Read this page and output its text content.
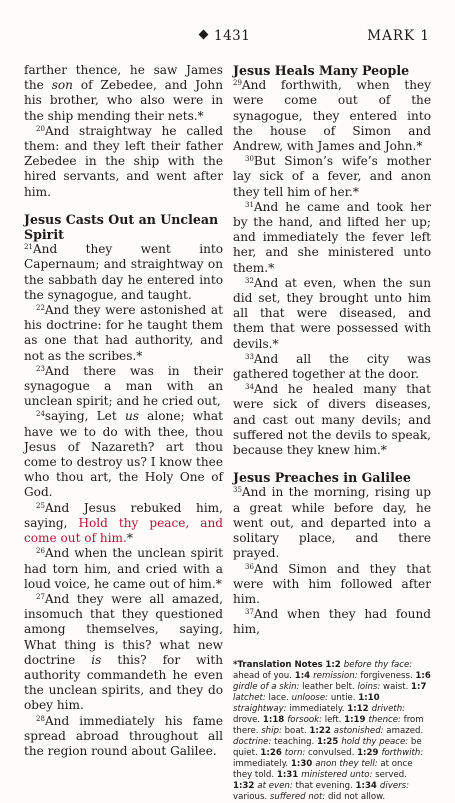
1431	MARK 1

farther thence, he saw James the son of Zebedee, and John his brother, who also were in the ship mending their nets.*

$^{20}$And straightway he called them: and they left their father Zebedee in the ship with the hired servants, and went after him.

Jesus Casts Out an Unclean Spirit

$^{21}$And they went into Capernaum; and straightway on the sabbath day he entered into the synagogue, and taught.

$^{22}$And they were astonished at his doctrine: for he taught them as one that had authority, and not as the scribes.*

$^{23}$And there was in their synagogue a man with an unclean spirit; and he cried out,

$^{24}$saying, Let us alone; what have we to do with thee, thou Jesus of Nazareth? art thou come to destroy us? I know thee who thou art, the Holy One of God.

$^{25}$And Jesus rebuked him, saying, Hold thy peace, and come out of him.*

$^{26}$And when the unclean spirit had torn him, and cried with a loud voice, he came out of him.*

$^{27}$And they were all amazed, insomuch that they questioned among themselves, saying, What thing is this? what new doctrine is this? for with authority commandeth he even the unclean spirits, and they do obey him.

$^{28}$And immediately his fame spread abroad throughout all the region round about Galilee.

Jesus Heals Many People

$^{29}$And forthwith, when they were come out of the synagogue, they entered into the house of Simon and Andrew, with James and John.*

$^{30}$But Simon’s wife’s mother lay sick of a fever, and anon they tell him of her.*

$^{31}$And he came and took her by the hand, and lifted her up; and immediately the fever left her, and she ministered unto them.*

$^{32}$And at even, when the sun did set, they brought unto him all that were diseased, and them that were possessed with devils.*

$^{33}$And all the city was gathered together at the door.

$^{34}$And he healed many that were sick of divers diseases, and cast out many devils; and suffered not the devils to speak, because they knew him.*

Jesus Preaches in Galilee

$^{35}$And in the morning, rising up a great while before day, he went out, and departed into a solitary place, and there prayed.

$^{36}$And Simon and they that were with him followed after him.

$^{37}$And when they had found him,

*Translation Notes 1:2 before thy face: ahead of you. 1:4 remission: forgiveness. 1:6 girdle of a skin: leather belt. loins: waist. 1:7 latchet: lace. unloose: untie. 1:10 straightway: immediately. 1:12 driveth: drove. 1:18 forsook: left. 1:19 thence: from there. ship: boat. 1:22 astonished: amazed. doctrine: teaching. 1:25 hold thy peace: be quiet. 1:26 torn: convulsed. 1:29 forthwith: immediately. 1:30 anon they tell: at once they told. 1:31 ministered unto: served. 1:32 at even: that evening. 1:34 divers: various. suffered not: did not allow.
